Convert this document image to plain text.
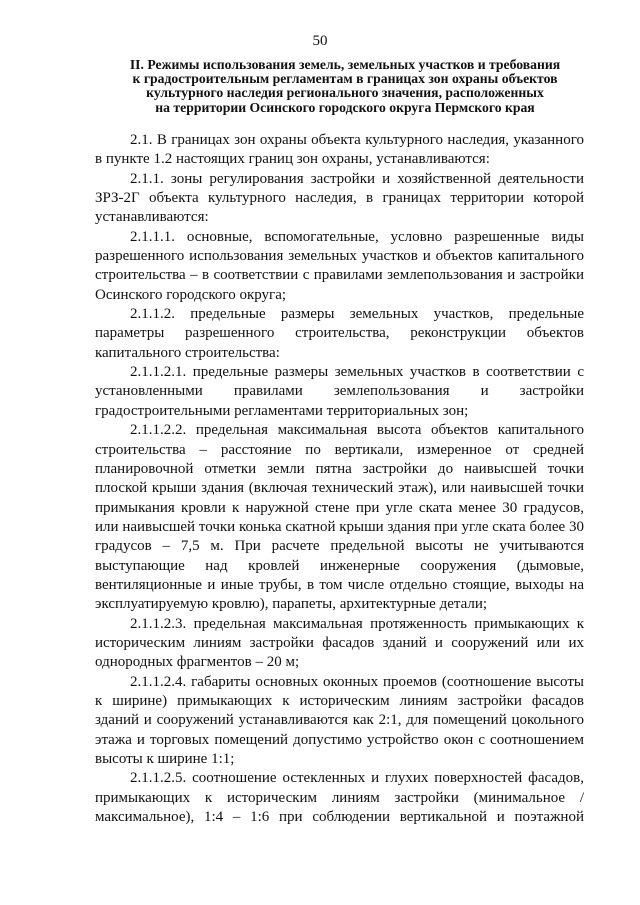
50
II. Режимы использования земель, земельных участков и требования
к градостроительным регламентам в границах зон охраны объектов
культурного наследия регионального значения, расположенных
на территории Осинского городского округа Пермского края

2.1. В границах зон охраны объекта культурного наследия, указанного в пункте 1.2 настоящих границ зон охраны, устанавливаются:

2.1.1. зоны регулирования застройки и хозяйственной деятельности ЗРЗ-2Г объекта культурного наследия, в границах территории которой устанавливаются:

2.1.1.1. основные, вспомогательные, условно разрешенные виды разрешенного использования земельных участков и объектов капитального строительства – в соответствии с правилами землепользования и застройки Осинского городского округа;

2.1.1.2. предельные размеры земельных участков, предельные параметры разрешенного строительства, реконструкции объектов капитального строительства:

2.1.1.2.1. предельные размеры земельных участков в соответствии с установленными правилами землепользования и застройки градостроительными регламентами территориальных зон;

2.1.1.2.2. предельная максимальная высота объектов капитального строительства – расстояние по вертикали, измеренное от средней планировочной отметки земли пятна застройки до наивысшей точки плоской крыши здания (включая технический этаж), или наивысшей точки примыкания кровли к наружной стене при угле ската менее 30 градусов, или наивысшей точки конька скатной крыши здания при угле ската более 30 градусов – 7,5 м. При расчете предельной высоты не учитываются выступающие над кровлей инженерные сооружения (дымовые, вентиляционные и иные трубы, в том числе отдельно стоящие, выходы на эксплуатируемую кровлю), парапеты, архитектурные детали;

2.1.1.2.3. предельная максимальная протяженность примыкающих к историческим линиям застройки фасадов зданий и сооружений или их однородных фрагментов – 20 м;

2.1.1.2.4. габариты основных оконных проемов (соотношение высоты к ширине) примыкающих к историческим линиям застройки фасадов зданий и сооружений устанавливаются как 2:1, для помещений цокольного этажа и торговых помещений допустимо устройство окон с соотношением высоты к ширине 1:1;

2.1.1.2.5. соотношение остекленных и глухих поверхностей фасадов, примыкающих к историческим линиям застройки (минимальное / максимальное), 1:4 – 1:6 при соблюдении вертикальной и поэтажной
